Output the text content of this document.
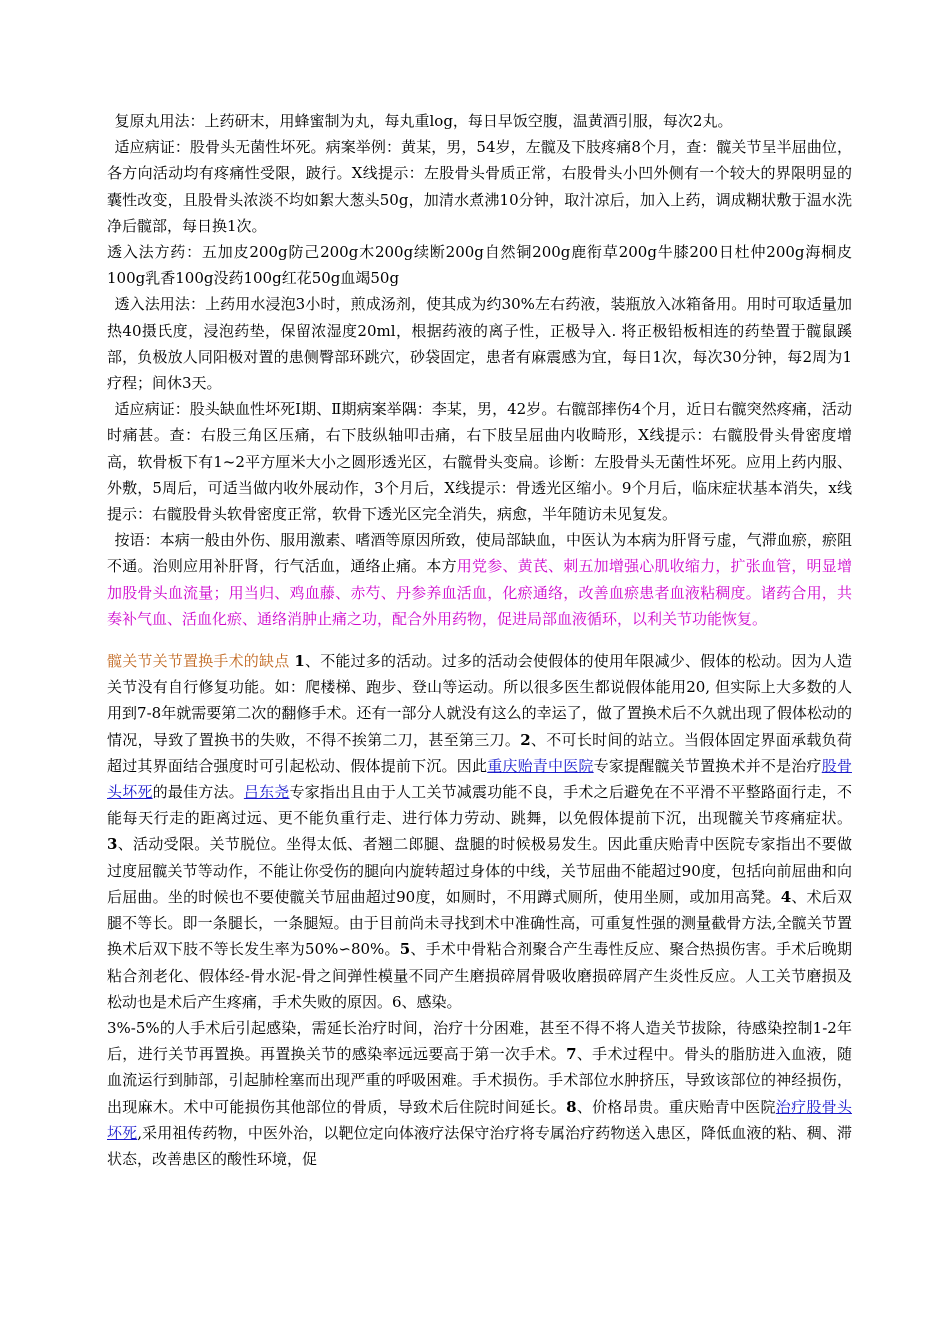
复原丸用法：上药研末，用蜂蜜制为丸，每丸重log，每日早饭空腹，温黄酒引服，每次2丸。

适应病证：股骨头无菌性坏死。病案举例：黄某，男，54岁，左髋及下肢疼痛8个月，查：髋关节呈半屈曲位，各方向活动均有疼痛性受限，跛行。X线提示：左股骨头骨质正常，右股骨头小凹外侧有一个较大的界限明显的囊性改变，且股骨头浓淡不均如絮大葱头50g，加清水煮沸10分钟，取汁凉后，加入上药，调成糊状敷于温水洗净后髋部，每日换1次。

透入法方药：五加皮200g防己200g木200g续断200g自然铜200g鹿衔草200g牛膝200日杜仲200g海桐皮100g乳香100g没药100g红花50g血竭50g

透入法用法：上药用水浸泡3小时，煎成汤剂，使其成为约30%左右药液，装瓶放入冰箱备用。用时可取适量加热40摄氏度，浸泡药垫，保留浓湿度20ml，根据药液的离子性，正极导入. 将正极铅板相连的药垫置于髋鼠蹊部，负极放人同阳极对置的患侧臀部环跳穴，砂袋固定，患者有麻震感为宜，每日1次，每次30分钟，每2周为1疗程；间休3天。

适应病证：股头缺血性坏死Ⅰ期、Ⅱ期病案举隅：李某，男，42岁。右髋部摔伤4个月，近日右髋突然疼痛，活动时痛甚。查：右股三角区压痛，右下肢纵轴叩击痛，右下肢呈屈曲内收畸形，X线提示：右髋股骨头骨密度增高，软骨板下有1~2平方厘米大小之圆形透光区，右髋骨头变扁。诊断：左股骨头无菌性坏死。应用上药内服、外敷，5周后，可适当做内收外展动作，3个月后，X线提示：骨透光区缩小。9个月后，临床症状基本消失，x线提示：右髋股骨头软骨密度正常，软骨下透光区完全消失，病愈，半年随访未见复发。

按语：本病一般由外伤、服用激素、嗜酒等原因所致，使局部缺血，中医认为本病为肝肾亏虚，气滞血瘀，瘀阻不通。治则应用补肝肾，行气活血，通络止痛。本方用党参、黄芪、刺五加增强心肌收缩力，扩张血管，明显增加股骨头血流量；用当归、鸡血藤、赤芍、丹参养血活血，化瘀通络，改善血瘀患者血液粘稠度。诸药合用，共奏补气血、活血化瘀、通络消肿止痛之功，配合外用药物，促进局部血液循环，以利关节功能恢复。

髋关节关节置换手术的缺点 1、不能过多的活动。过多的活动会使假体的使用年限减少、假体的松动。因为人造关节没有自行修复功能。如：爬楼梯、跑步、登山等运动。所以很多医生都说假体能用20, 但实际上大多数的人用到7-8年就需要第二次的翻修手术。还有一部分人就没有这么的幸运了，做了置换术后不久就出现了假体松动的情况，导致了置换书的失败，不得不挨第二刀，甚至第三刀。2、不可长时间的站立。当假体固定界面承载负荷超过其界面结合强度时可引起松动、假体提前下沉。因此重庆贻青中医院专家提醒髋关节置换术并不是治疗股骨头坏死的最佳方法。吕东尧专家指出且由于人工关节减震功能不良，手术之后避免在不平滑不平整路面行走，不能每天行走的距离过远、更不能负重行走、进行体力劳动、跳舞，以免假体提前下沉，出现髋关节疼痛症状。3、活动受限。关节脱位。坐得太低、者翘二郎腿、盘腿的时候极易发生。因此重庆贻青中医院专家指出不要做过度屈髋关节等动作，不能让你受伤的腿向内旋转超过身体的中线，关节屈曲不能超过90度，包括向前屈曲和向后屈曲。坐的时候也不要使髋关节屈曲超过90度，如厕时，不用蹲式厕所，使用坐厕，或加用高凳。4、术后双腿不等长。即一条腿长，一条腿短。由于目前尚未寻找到术中准确性高，可重复性强的测量截骨方法,全髋关节置换术后双下肢不等长发生率为50%∽80%。5、手术中骨粘合剂聚合产生毒性反应、聚合热损伤害。手术后晚期粘合剂老化、假体经-骨水泥-骨之间弹性模量不同产生磨损碎屑骨吸收磨损碎屑产生炎性反应。人工关节磨损及松动也是术后产生疼痛，手术失败的原因。6、感染。

3%-5%的人手术后引起感染，需延长治疗时间，治疗十分困难，甚至不得不将人造关节拔除，待感染控制1-2年后，进行关节再置换。再置换关节的感染率远远要高于第一次手术。7、手术过程中。骨头的脂肪进入血液，随血流运行到肺部，引起肺栓塞而出现严重的呼吸困难。手术损伤。手术部位水肿挤压，导致该部位的神经损伤，出现麻木。术中可能损伤其他部位的骨质，导致术后住院时间延长。8、价格昂贵。重庆贻青中医院治疗股骨头坏死,采用祖传药物，中医外治，以靶位定向体液疗法保守治疗将专属治疗药物送入患区，降低血液的粘、稠、滞状态，改善患区的酸性环境，促
